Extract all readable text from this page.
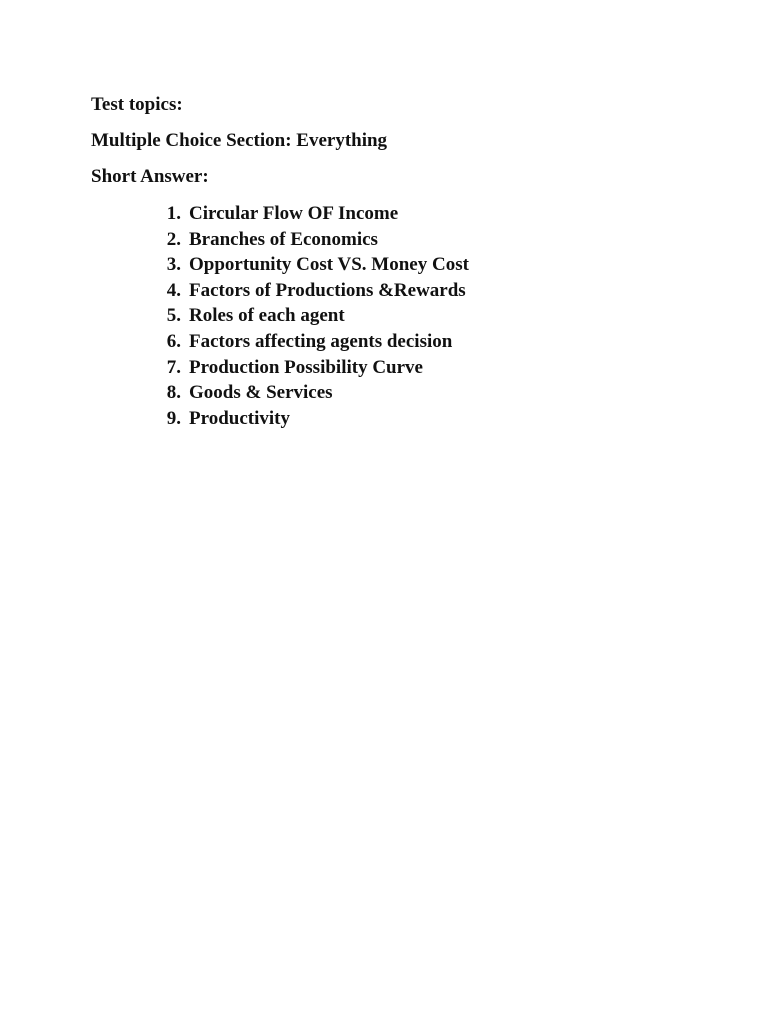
Test topics:

Multiple Choice Section: Everything

Short Answer:

1. Circular Flow OF Income
2. Branches of Economics
3. Opportunity Cost VS. Money Cost
4. Factors of Productions &Rewards
5. Roles of each agent
6. Factors affecting agents decision
7. Production Possibility Curve
8. Goods & Services
9. Productivity
